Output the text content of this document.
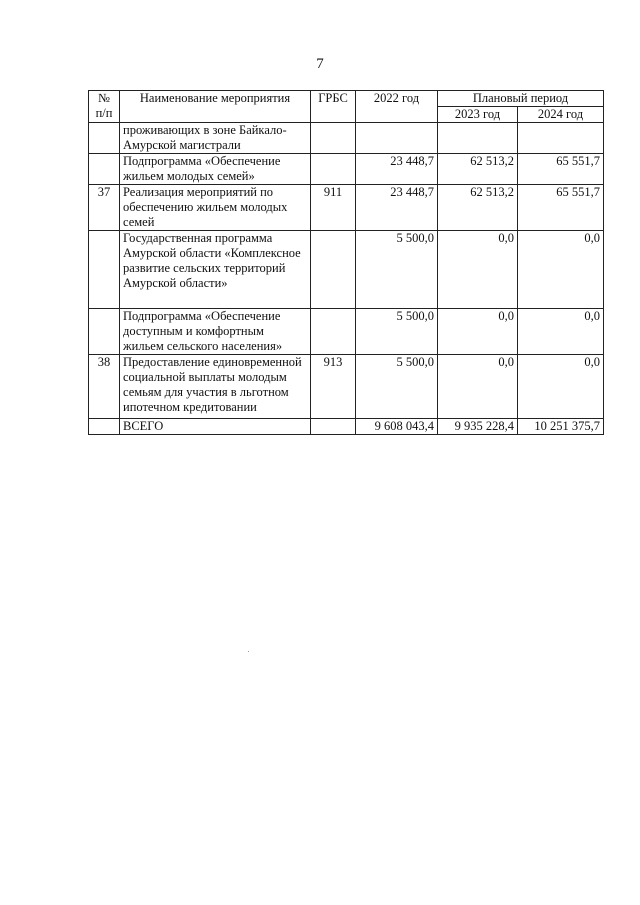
7
№ п/п	Наименование мероприятия	ГРБС	2022 год	Плановый период	
				2023 год	2024 год
	проживающих в зоне Байкало-Амурской магистрали				
	Подпрограмма «Обеспечение жильем молодых семей»		23 448,7	62 513,2	65 551,7
37	Реализация мероприятий по обеспечению жильем молодых семей	911	23 448,7	62 513,2	65 551,7
	Государственная программа Амурской области «Комплексное развитие сельских территорий Амурской области»		5 500,0	0,0	0,0
	Подпрограмма «Обеспечение доступным и комфортным жильем сельского населения»		5 500,0	0,0	0,0
38	Предоставление единовременной социальной выплаты молодым семьям для участия в льготном ипотечном кредитовании	913	5 500,0	0,0	0,0
	ВСЕГО		9 608 043,4	9 935 228,4	10 251 375,7
